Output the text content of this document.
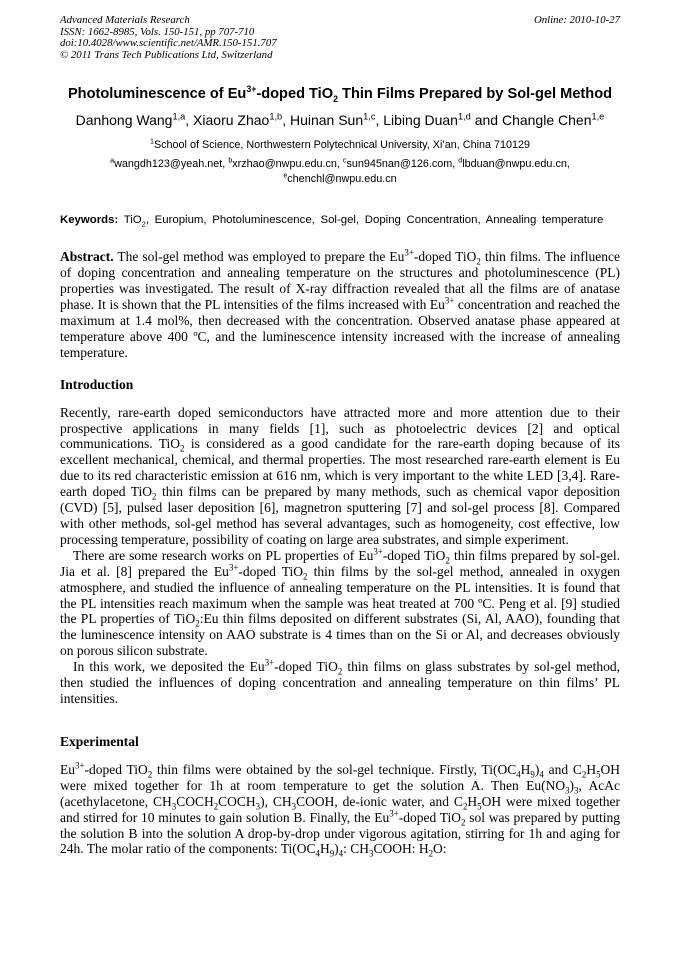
Advanced Materials Research
ISSN: 1662-8985, Vols. 150-151, pp 707-710
doi:10.4028/www.scientific.net/AMR.150-151.707
© 2011 Trans Tech Publications Ltd, Switzerland
Online: 2010-10-27
Photoluminescence of $Eu^{3+}$-doped TiO$_2$ Thin Films Prepared by Sol-gel Method

Danhong Wang$^{1,a}$, Xiaoru Zhao$^{1,b}$, Huinan Sun$^{1,c}$, Libing Duan$^{1,d}$ and Changle Chen$^{1,e}$

$^1$School of Science, Northwestern Polytechnical University, Xi’an, China 710129

$^a$wangdh123@yeah.net, $^b$xrzhao@nwpu.edu.cn, $^c$sun945nan@126.com, $^d$lbduan@nwpu.edu.cn, $^e$chenchl@nwpu.edu.cn

Keywords: TiO$_2$, Europium, Photoluminescence, Sol-gel, Doping Concentration, Annealing temperature

Abstract. The sol-gel method was employed to prepare the $Eu^{3+}$-doped TiO$_2$ thin films. The influence of doping concentration and annealing temperature on the structures and photoluminescence (PL) properties was investigated. The result of X-ray diffraction revealed that all the films are of anatase phase. It is shown that the PL intensities of the films increased with $Eu^{3+}$ concentration and reached the maximum at 1.4 mol%, then decreased with the concentration. Observed anatase phase appeared at temperature above 400 ºC, and the luminescence intensity increased with the increase of annealing temperature.

Introduction

Recently, rare-earth doped semiconductors have attracted more and more attention due to their prospective applications in many fields [1], such as photoelectric devices [2] and optical communications. TiO$_2$ is considered as a good candidate for the rare-earth doping because of its excellent mechanical, chemical, and thermal properties. The most researched rare-earth element is Eu due to its red characteristic emission at 616 nm, which is very important to the white LED [3,4]. Rare-earth doped TiO$_2$ thin films can be prepared by many methods, such as chemical vapor deposition (CVD) [5], pulsed laser deposition [6], magnetron sputtering [7] and sol-gel process [8]. Compared with other methods, sol-gel method has several advantages, such as homogeneity, cost effective, low processing temperature, possibility of coating on large area substrates, and simple experiment.

There are some research works on PL properties of $Eu^{3+}$-doped TiO$_2$ thin films prepared by sol-gel. Jia et al. [8] prepared the $Eu^{3+}$-doped TiO$_2$ thin films by the sol-gel method, annealed in oxygen atmosphere, and studied the influence of annealing temperature on the PL intensities. It is found that the PL intensities reach maximum when the sample was heat treated at 700 ºC. Peng et al. [9] studied the PL properties of TiO$_2$:Eu thin films deposited on different substrates (Si, Al, AAO), founding that the luminescence intensity on AAO substrate is 4 times than on the Si or Al, and decreases obviously on porous silicon substrate.

In this work, we deposited the $Eu^{3+}$-doped TiO$_2$ thin films on glass substrates by sol-gel method, then studied the influences of doping concentration and annealing temperature on thin films’ PL intensities.

Experimental

$Eu^{3+}$-doped TiO$_2$ thin films were obtained by the sol-gel technique. Firstly, $Ti(OC_4H_9)_4$ and $C_2H_5OH$ were mixed together for 1h at room temperature to get the solution A. Then $Eu(NO_3)_3$, AcAc (acethylacetone, $CH_3COCH_2COCH_3$), $CH_3COOH$, de-ionic water, and $C_2H_5OH$ were mixed together and stirred for 10 minutes to gain solution B. Finally, the $Eu^{3+}$-doped TiO$_2$ sol was prepared by putting the solution B into the solution A drop-by-drop under vigorous agitation, stirring for 1h and aging for 24h. The molar ratio of the components: $Ti(OC_4H_9)_4$: $CH_3COOH$: $H_2O$:
